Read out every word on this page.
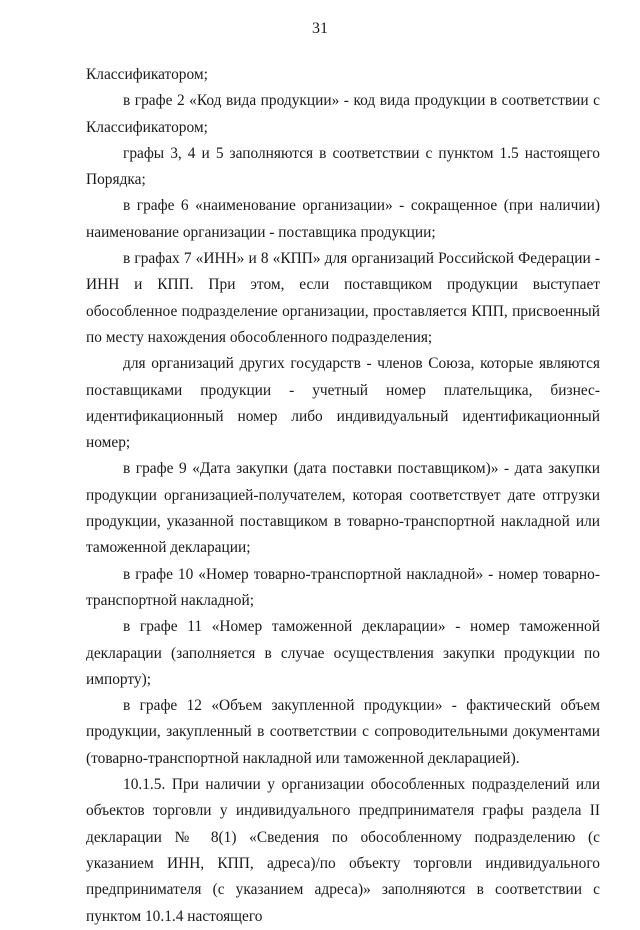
31

Классификатором;

в графе 2 «Код вида продукции» - код вида продукции в соответствии с Классификатором;

графы 3, 4 и 5 заполняются в соответствии с пунктом 1.5 настоящего Порядка;

в графе 6 «наименование организации» - сокращенное (при наличии) наименование организации - поставщика продукции;

в графах 7 «ИНН» и 8 «КПП» для организаций Российской Федерации - ИНН и КПП. При этом, если поставщиком продукции выступает обособленное подразделение организации, проставляется КПП, присвоенный по месту нахождения обособленного подразделения;

для организаций других государств - членов Союза, которые являются поставщиками продукции - учетный номер плательщика, бизнес-идентификационный номер либо индивидуальный идентификационный номер;

в графе 9 «Дата закупки (дата поставки поставщиком)» - дата закупки продукции организацией-получателем, которая соответствует дате отгрузки продукции, указанной поставщиком в товарно-транспортной накладной или таможенной декларации;

в графе 10 «Номер товарно-транспортной накладной» - номер товарно-транспортной накладной;

в графе 11 «Номер таможенной декларации» - номер таможенной декларации (заполняется в случае осуществления закупки продукции по импорту);

в графе 12 «Объем закупленной продукции» - фактический объем продукции, закупленный в соответствии с сопроводительными документами (товарно-транспортной накладной или таможенной декларацией).

10.1.5. При наличии у организации обособленных подразделений или объектов торговли у индивидуального предпринимателя графы раздела II декларации № 8(1) «Сведения по обособленному подразделению (с указанием ИНН, КПП, адреса)/по объекту торговли индивидуального предпринимателя (с указанием адреса)» заполняются в соответствии с пунктом 10.1.4 настоящего
